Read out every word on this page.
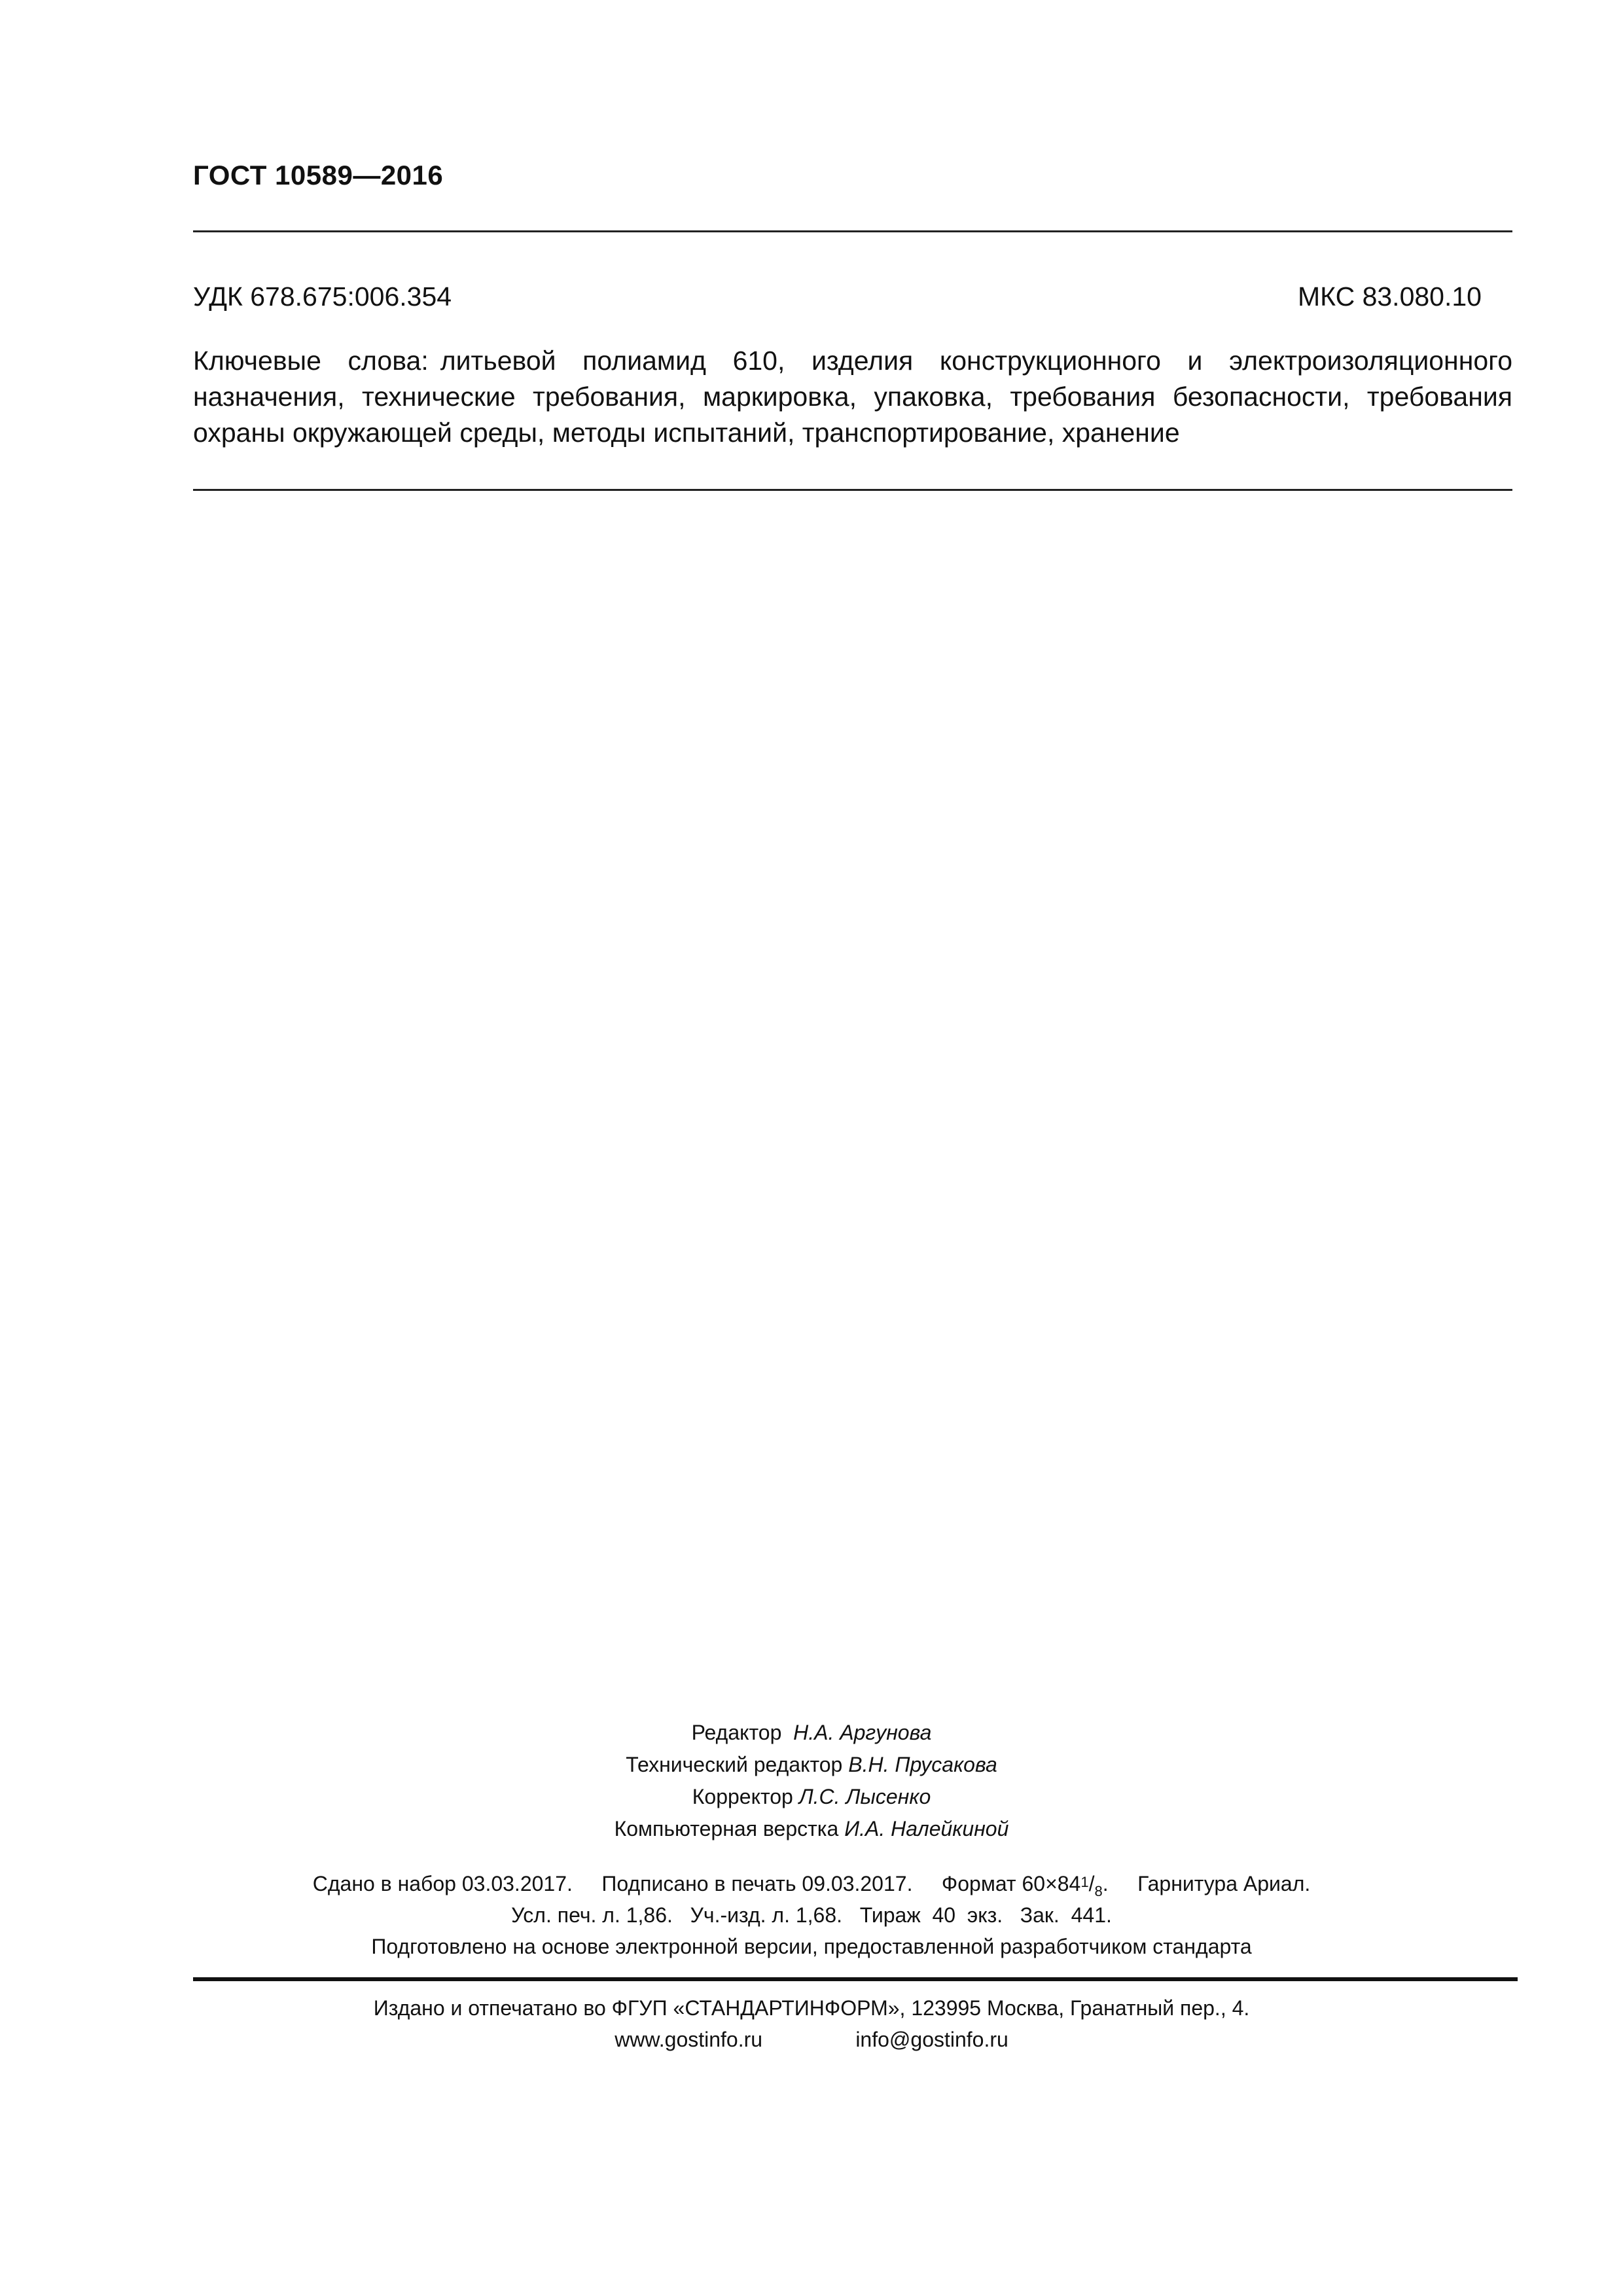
ГОСТ 10589—2016
УДК 678.675:006.354	МКС 83.080.10
Ключевые слова: литьевой полиамид 610, изделия конструкционного и электроизоляционного назначения, технические требования, маркировка, упаковка, требования безопасности, требования охраны окружающей среды, методы испытаний, транспортирование, хранение
Редактор Н.А. Аргунова
Технический редактор В.Н. Прусакова
Корректор Л.С. Лысенко
Компьютерная верстка И.А. Налейкиной
Сдано в набор 03.03.2017. Подписано в печать 09.03.2017. Формат $60\times 841/_8$. Гарнитура Ариал.
Усл. печ. л. 1,86. Уч.-изд. л. 1,68. Тираж  40  экз. Зак.  441.
Подготовлено на основе электронной версии, предоставленной разработчиком стандарта
Издано и отпечатано во ФГУП «СТАНДАРТИНФОРМ», 123995 Москва, Гранатный пер., 4.
www.gostinfo.ru	info@gostinfo.ru
